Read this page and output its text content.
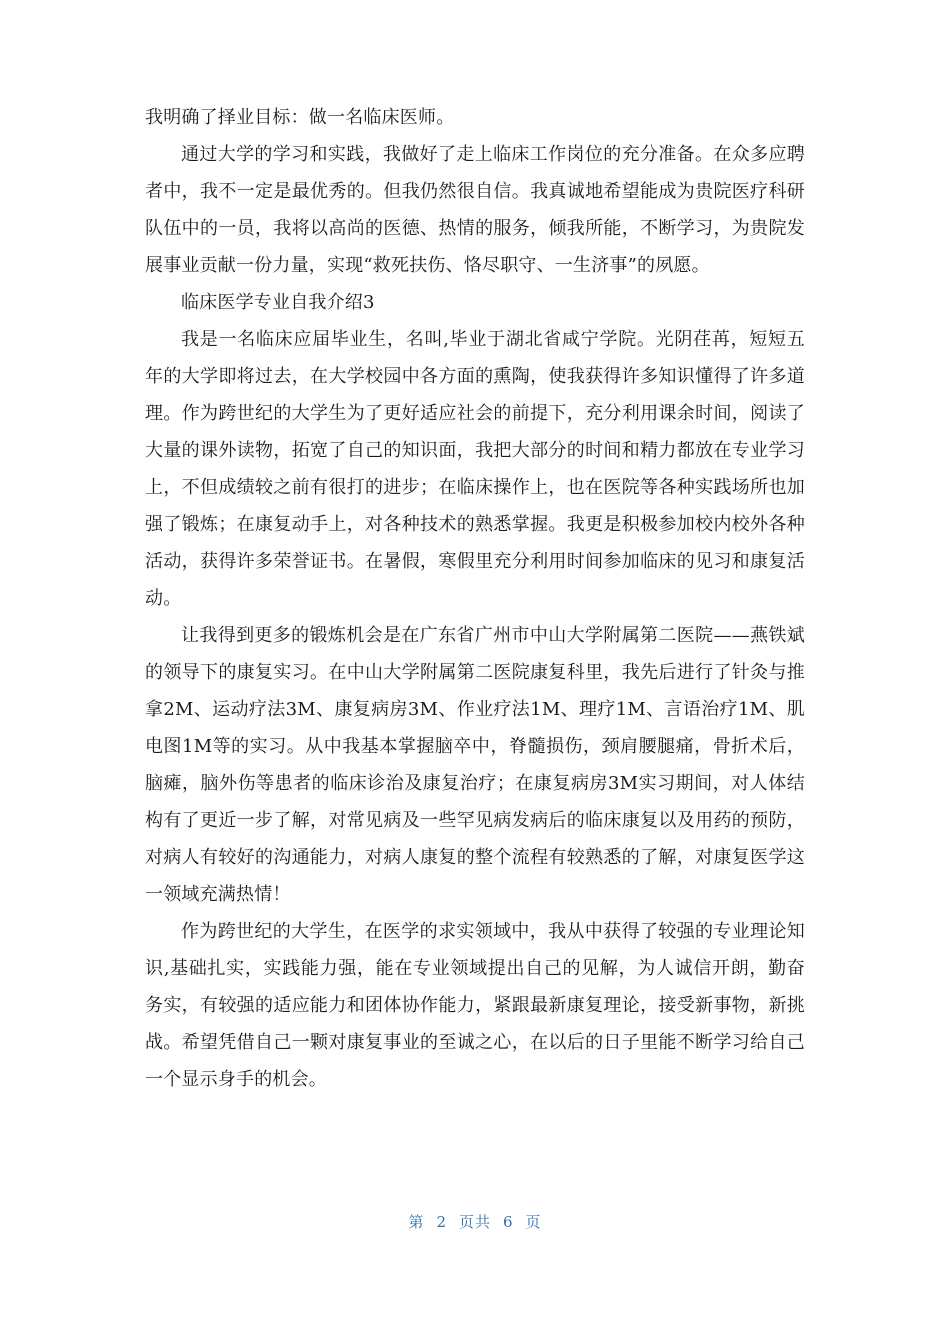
我明确了择业目标：做一名临床医师。

通过大学的学习和实践，我做好了走上临床工作岗位的充分准备。在众多应聘者中，我不一定是最优秀的。但我仍然很自信。我真诚地希望能成为贵院医疗科研队伍中的一员，我将以高尚的医德、热情的服务，倾我所能，不断学习，为贵院发展事业贡献一份力量，实现“救死扶伤、恪尽职守、一生济事”的夙愿。

临床医学专业自我介绍3

我是一名临床应届毕业生，名叫,毕业于湖北省咸宁学院。光阴荏苒，短短五年的大学即将过去，在大学校园中各方面的熏陶，使我获得许多知识懂得了许多道理。作为跨世纪的大学生为了更好适应社会的前提下，充分利用课余时间，阅读了大量的课外读物，拓宽了自己的知识面，我把大部分的时间和精力都放在专业学习上，不但成绩较之前有很打的进步；在临床操作上，也在医院等各种实践场所也加强了锻炼；在康复动手上，对各种技术的熟悉掌握。我更是积极参加校内校外各种活动，获得许多荣誉证书。在暑假，寒假里充分利用时间参加临床的见习和康复活动。

让我得到更多的锻炼机会是在广东省广州市中山大学附属第二医院——燕铁斌的领导下的康复实习。在中山大学附属第二医院康复科里，我先后进行了针灸与推拿2M、运动疗法3M、康复病房3M、作业疗法1M、理疗1M、言语治疗1M、肌电图1M等的实习。从中我基本掌握脑卒中，脊髓损伤，颈肩腰腿痛，骨折术后，脑瘫，脑外伤等患者的临床诊治及康复治疗；在康复病房3M实习期间，对人体结构有了更近一步了解，对常见病及一些罕见病发病后的临床康复以及用药的预防，对病人有较好的沟通能力，对病人康复的整个流程有较熟悉的了解，对康复医学这一领域充满热情！

作为跨世纪的大学生，在医学的求实领域中，我从中获得了较强的专业理论知识,基础扎实，实践能力强，能在专业领域提出自己的见解，为人诚信开朗，勤奋务实，有较强的适应能力和团体协作能力，紧跟最新康复理论，接受新事物，新挑战。希望凭借自己一颗对康复事业的至诚之心，在以后的日子里能不断学习给自己一个显示身手的机会。

第 2 页共 6 页
